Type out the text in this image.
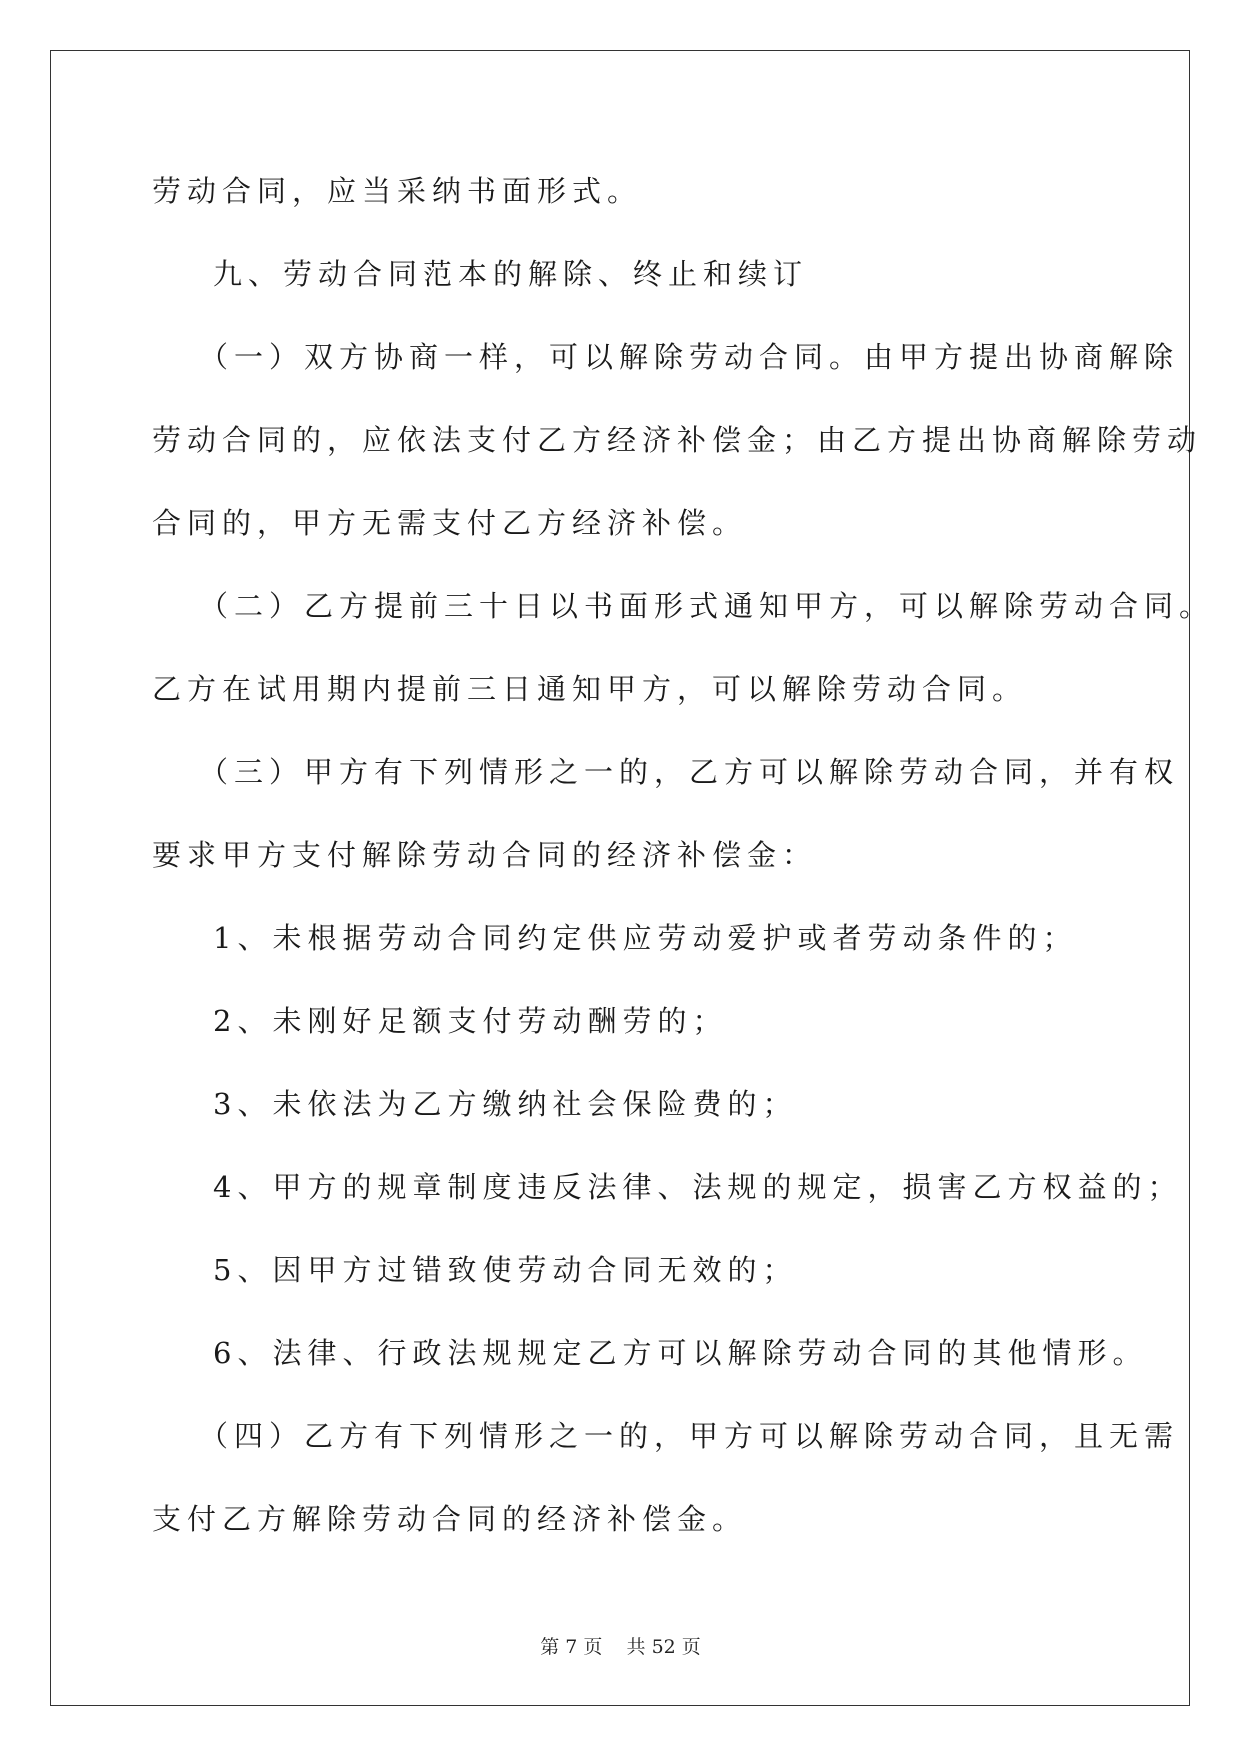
劳动合同，应当采纳书面形式。

九、劳动合同范本的解除、终止和续订

（一）双方协商一样，可以解除劳动合同。由甲方提出协商解除

劳动合同的，应依法支付乙方经济补偿金；由乙方提出协商解除劳动

合同的，甲方无需支付乙方经济补偿。

（二）乙方提前三十日以书面形式通知甲方，可以解除劳动合同。

乙方在试用期内提前三日通知甲方，可以解除劳动合同。

（三）甲方有下列情形之一的，乙方可以解除劳动合同，并有权

要求甲方支付解除劳动合同的经济补偿金：

1、未根据劳动合同约定供应劳动爱护或者劳动条件的；

2、未刚好足额支付劳动酬劳的；

3、未依法为乙方缴纳社会保险费的；

4、甲方的规章制度违反法律、法规的规定，损害乙方权益的；

5、因甲方过错致使劳动合同无效的；

6、法律、行政法规规定乙方可以解除劳动合同的其他情形。

（四）乙方有下列情形之一的，甲方可以解除劳动合同，且无需

支付乙方解除劳动合同的经济补偿金。

第 7 页    共 52 页
